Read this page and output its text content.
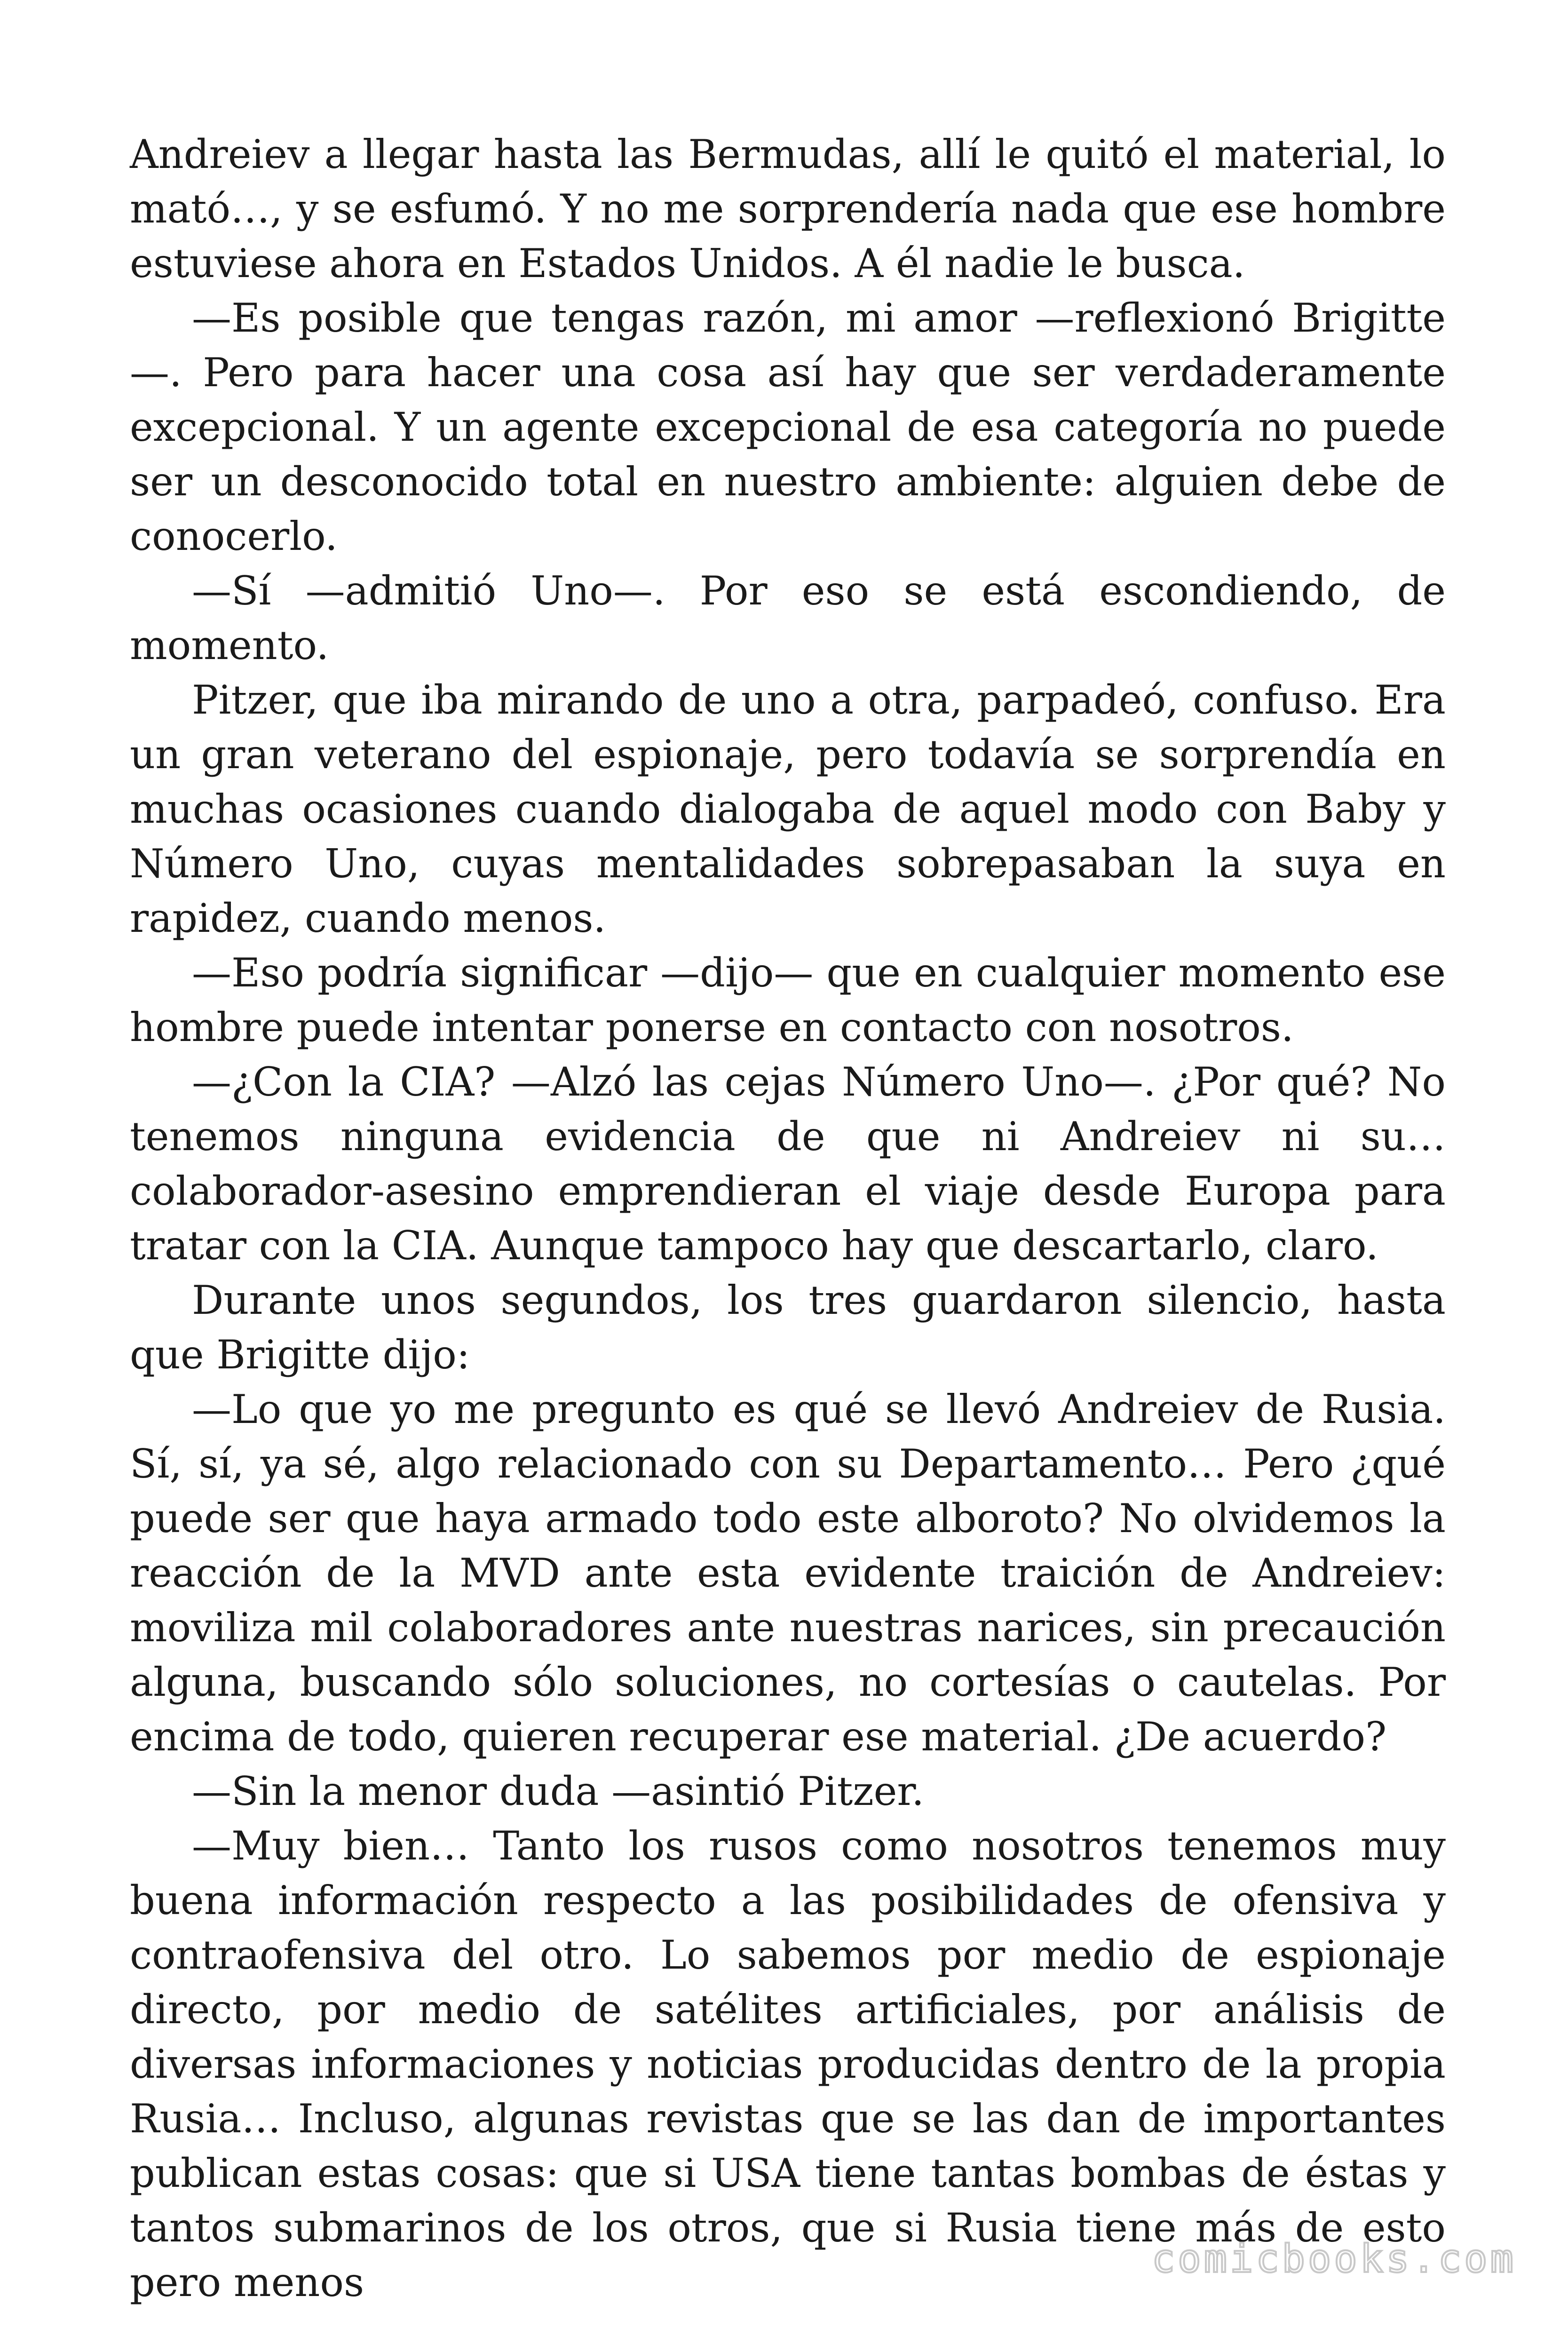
Andreiev a llegar hasta las Bermudas, allí le quitó el material, lo mató…, y se esfumó. Y no me sorprendería nada que ese hombre estuviese ahora en Estados Unidos. A él nadie le busca.

—Es posible que tengas razón, mi amor —reflexionó Brigitte—. Pero para hacer una cosa así hay que ser verdaderamente excepcional. Y un agente excepcional de esa categoría no puede ser un desconocido total en nuestro ambiente: alguien debe de conocerlo.

—Sí —admitió Uno—. Por eso se está escondiendo, de momento.

Pitzer, que iba mirando de uno a otra, parpadeó, confuso. Era un gran veterano del espionaje, pero todavía se sorprendía en muchas ocasiones cuando dialogaba de aquel modo con Baby y Número Uno, cuyas mentalidades sobrepasaban la suya en rapidez, cuando menos.

—Eso podría significar —dijo— que en cualquier momento ese hombre puede intentar ponerse en contacto con nosotros.

—¿Con la CIA? —Alzó las cejas Número Uno—. ¿Por qué? No tenemos ninguna evidencia de que ni Andreiev ni su… colaborador-asesino emprendieran el viaje desde Europa para tratar con la CIA. Aunque tampoco hay que descartarlo, claro.

Durante unos segundos, los tres guardaron silencio, hasta que Brigitte dijo:

—Lo que yo me pregunto es qué se llevó Andreiev de Rusia. Sí, sí, ya sé, algo relacionado con su Departamento… Pero ¿qué puede ser que haya armado todo este alboroto? No olvidemos la reacción de la MVD ante esta evidente traición de Andreiev: moviliza mil colaboradores ante nuestras narices, sin precaución alguna, buscando sólo soluciones, no cortesías o cautelas. Por encima de todo, quieren recuperar ese material. ¿De acuerdo?

—Sin la menor duda —asintió Pitzer.

—Muy bien… Tanto los rusos como nosotros tenemos muy buena información respecto a las posibilidades de ofensiva y contraofensiva del otro. Lo sabemos por medio de espionaje directo, por medio de satélites artificiales, por análisis de diversas informaciones y noticias producidas dentro de la propia Rusia… Incluso, algunas revistas que se las dan de importantes publican estas cosas: que si USA tiene tantas bombas de éstas y tantos submarinos de los otros, que si Rusia tiene más de esto pero menos

comicbooks.com
